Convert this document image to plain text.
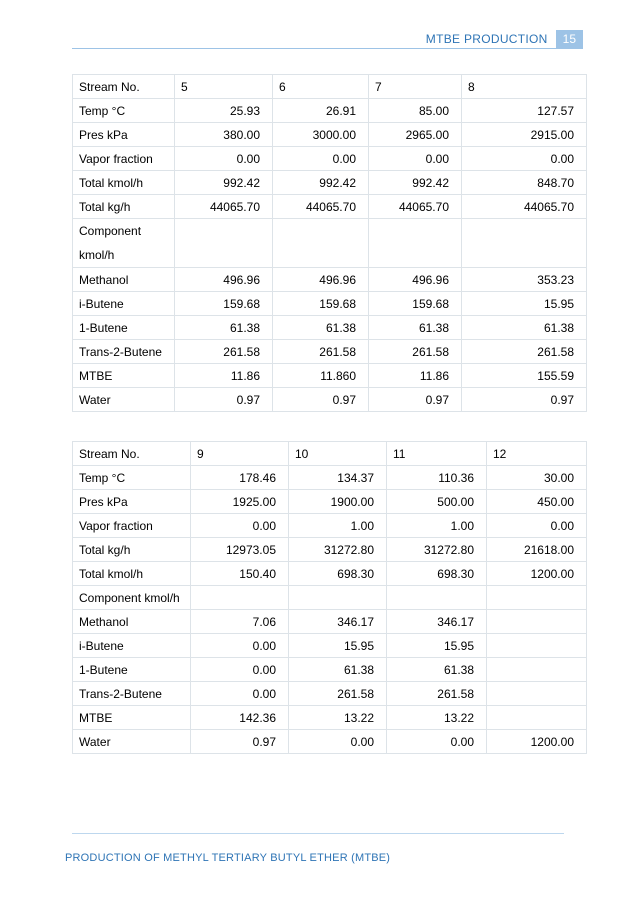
MTBE PRODUCTION	15
Stream No.	5	6	7	8
Temp °C	25.93	26.91	85.00	127.57
Pres kPa	380.00	3000.00	2965.00	2915.00
Vapor fraction	0.00	0.00	0.00	0.00
Total kmol/h	992.42	992.42	992.42	848.70
Total kg/h	44065.70	44065.70	44065.70	44065.70
Component kmol/h				
Methanol	496.96	496.96	496.96	353.23
i-Butene	159.68	159.68	159.68	15.95
1-Butene	61.38	61.38	61.38	61.38
Trans-2-Butene	261.58	261.58	261.58	261.58
MTBE	11.86	11.860	11.86	155.59
Water	0.97	0.97	0.97	0.97
Stream No.	9	10	11	12
Temp °C	178.46	134.37	110.36	30.00
Pres kPa	1925.00	1900.00	500.00	450.00
Vapor fraction	0.00	1.00	1.00	0.00
Total kg/h	12973.05	31272.80	31272.80	21618.00
Total kmol/h	150.40	698.30	698.30	1200.00
Component kmol/h				
Methanol	7.06	346.17	346.17	
i-Butene	0.00	15.95	15.95	
1-Butene	0.00	61.38	61.38	
Trans-2-Butene	0.00	261.58	261.58	
MTBE	142.36	13.22	13.22	
Water	0.97	0.00	0.00	1200.00
PRODUCTION OF METHYL TERTIARY BUTYL ETHER (MTBE)
